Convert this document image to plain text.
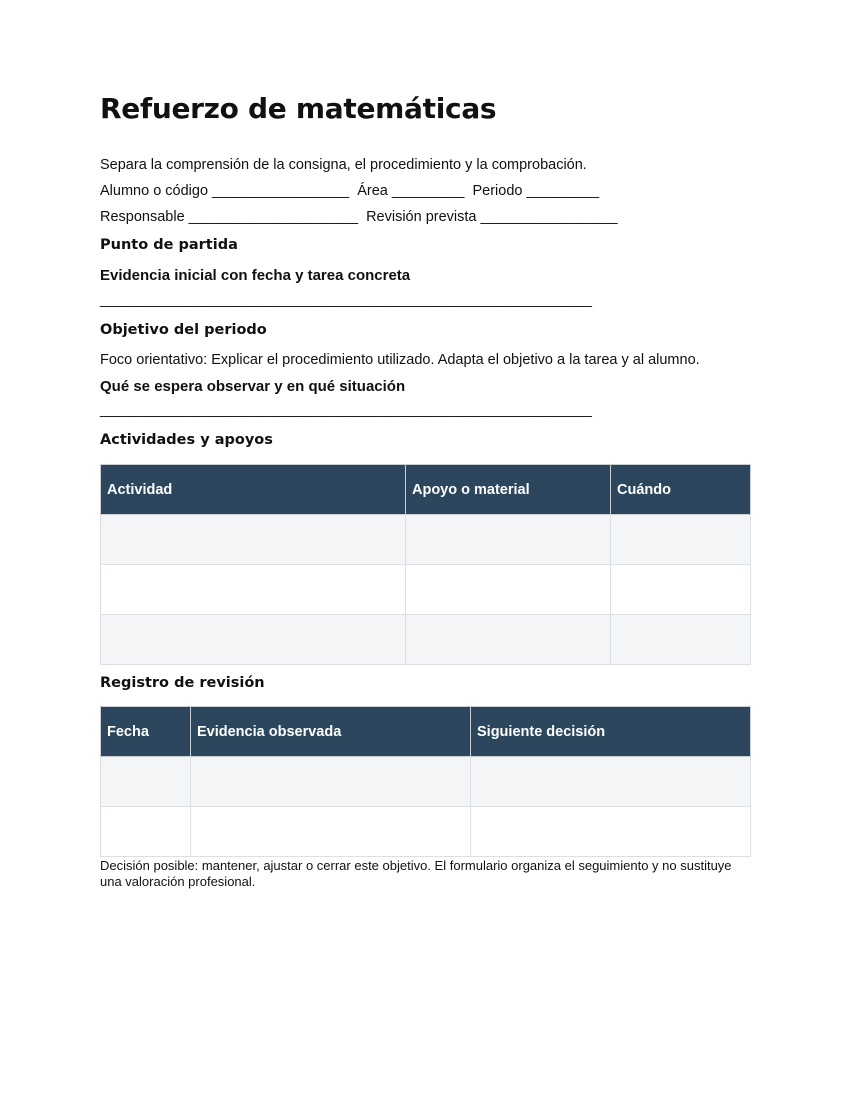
Refuerzo de matemáticas
Separa la comprensión de la consigna, el procedimiento y la comprobación.
Alumno o código _________________  Área _________  Periodo _________
Responsable _____________________  Revisión prevista _________________
Punto de partida
Evidencia inicial con fecha y tarea concreta
_____________________________________________________________
Objetivo del periodo
Foco orientativo: Explicar el procedimiento utilizado. Adapta el objetivo a la tarea y al alumno.
Qué se espera observar y en qué situación
_____________________________________________________________
Actividades y apoyos
Actividad	Apoyo o material	Cuándo

Registro de revisión
Fecha	Evidencia observada	Siguiente decisión

Decisión posible: mantener, ajustar o cerrar este objetivo. El formulario organiza el seguimiento y no sustituye una valoración profesional.
